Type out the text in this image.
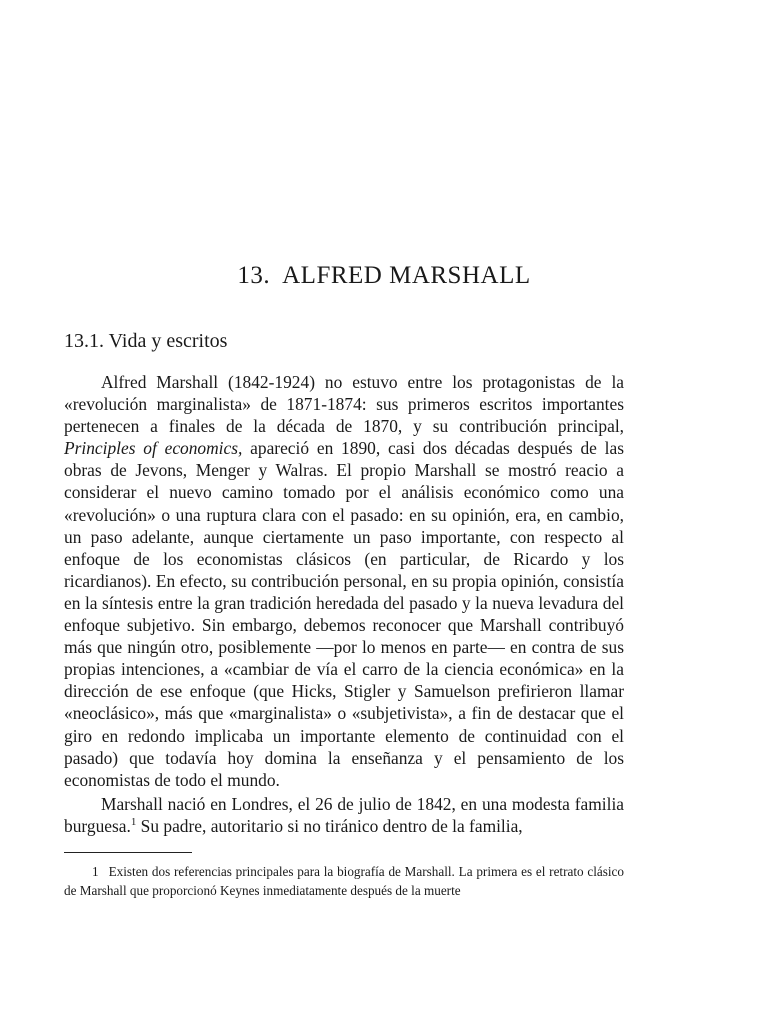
13. ALFRED MARSHALL
13.1. Vida y escritos

Alfred Marshall (1842-1924) no estuvo entre los protagonistas de la «revolución marginalista» de 1871-1874: sus primeros escritos importantes pertenecen a finales de la década de 1870, y su contribución principal, Principles of economics, apareció en 1890, casi dos décadas después de las obras de Jevons, Menger y Walras. El propio Marshall se mostró reacio a considerar el nuevo camino tomado por el análisis económico como una «revolución» o una ruptura clara con el pasado: en su opinión, era, en cambio, un paso adelante, aunque ciertamente un paso importante, con respecto al enfoque de los economistas clásicos (en particular, de Ricardo y los ricardianos). En efecto, su contribución personal, en su propia opinión, consistía en la síntesis entre la gran tradición heredada del pasado y la nueva levadura del enfoque subjetivo. Sin embargo, debemos reconocer que Marshall contribuyó más que ningún otro, posiblemente —por lo menos en parte— en contra de sus propias intenciones, a «cambiar de vía el carro de la ciencia económica» en la dirección de ese enfoque (que Hicks, Stigler y Samuelson prefirieron llamar «neoclásico», más que «marginalista» o «subjetivista», a fin de destacar que el giro en redondo implicaba un importante elemento de continuidad con el pasado) que todavía hoy domina la enseñanza y el pensamiento de los economistas de todo el mundo.

Marshall nació en Londres, el 26 de julio de 1842, en una modesta familia burguesa.$^1$ Su padre, autoritario si no tiránico dentro de la familia,

1 Existen dos referencias principales para la biografía de Marshall. La primera es el retrato clásico de Marshall que proporcionó Keynes inmediatamente después de la muerte
